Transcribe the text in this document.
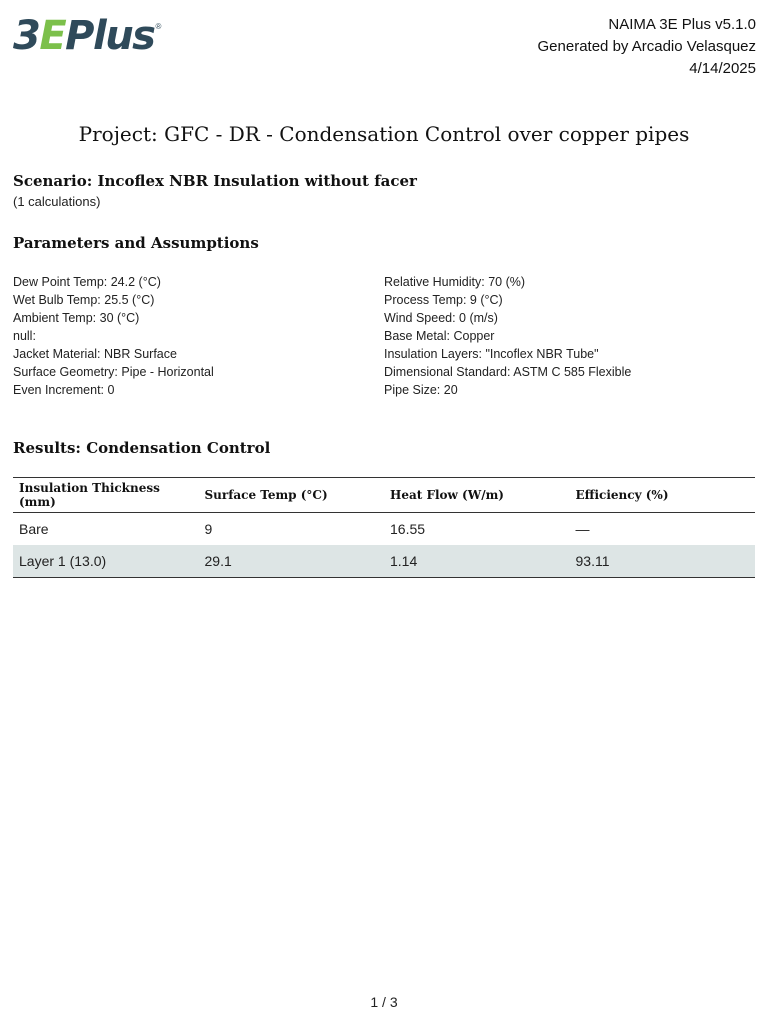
3EPlus ®	NAIMA 3E Plus v5.1.0
Generated by Arcadio Velasquez
4/14/2025
Project: GFC - DR - Condensation Control over copper pipes
Scenario: Incoflex NBR Insulation without facer
(1 calculations)
Parameters and Assumptions
Dew Point Temp: 24.2 (°C)
Wet Bulb Temp: 25.5 (°C)
Ambient Temp: 30 (°C)
null:
Jacket Material: NBR Surface
Surface Geometry: Pipe - Horizontal
Even Increment: 0
Relative Humidity: 70 (%)
Process Temp: 9 (°C)
Wind Speed: 0 (m/s)
Base Metal: Copper
Insulation Layers: "Incoflex NBR Tube"
Dimensional Standard: ASTM C 585 Flexible
Pipe Size: 20
Results: Condensation Control
Insulation Thickness (mm)	Surface Temp (°C)	Heat Flow (W/m)	Efficiency (%)
Bare	9	16.55	—
Layer 1 (13.0)	29.1	1.14	93.11
1 / 3
